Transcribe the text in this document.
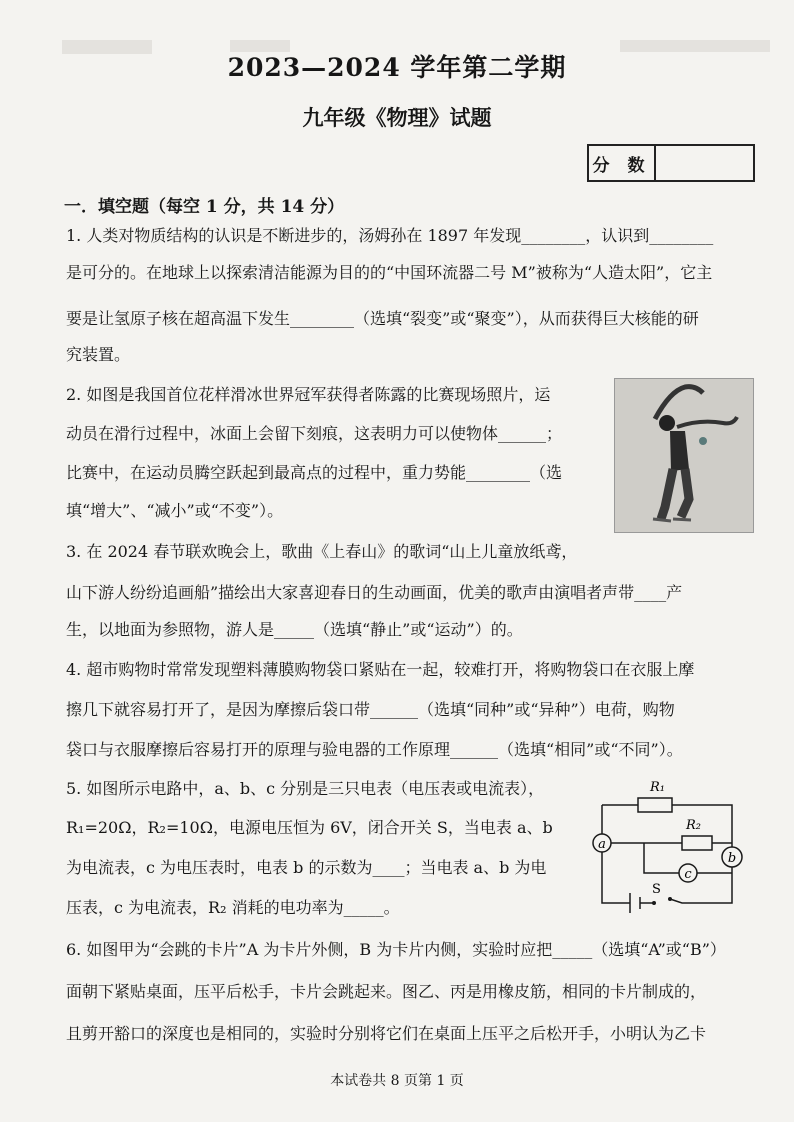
2023—2024 学年第二学期
九年级《物理》试题
分 数
一．填空题（每空 1 分，共 14 分）
1. 人类对物质结构的认识是不断进步的，汤姆孙在 1897 年发现________，认识到________
是可分的。在地球上以探索清洁能源为目的的“中国环流器二号 M”被称为“人造太阳”，它主
要是让氢原子核在超高温下发生________（选填“裂变”或“聚变”），从而获得巨大核能的研
究装置。
2. 如图是我国首位花样滑冰世界冠军获得者陈露的比赛现场照片，运
动员在滑行过程中，冰面上会留下刻痕，这表明力可以使物体______；
比赛中，在运动员腾空跃起到最高点的过程中，重力势能________（选
填“增大”、“减小”或“不变”）。
3. 在 2024 春节联欢晚会上，歌曲《上春山》的歌词“山上儿童放纸鸢，
山下游人纷纷追画船”描绘出大家喜迎春日的生动画面，优美的歌声由演唱者声带____产
生，以地面为参照物，游人是_____（选填“静止”或“运动”）的。
4. 超市购物时常常发现塑料薄膜购物袋口紧贴在一起，较难打开，将购物袋口在衣服上摩
擦几下就容易打开了，是因为摩擦后袋口带______（选填“同种”或“异种”）电荷，购物
袋口与衣服摩擦后容易打开的原理与验电器的工作原理______（选填“相同”或“不同”）。
5. 如图所示电路中，a、b、c 分别是三只电表（电压表或电流表），
R₁=20Ω，R₂=10Ω，电源电压恒为 6V，闭合开关 S，当电表 a、b
为电流表，c 为电压表时，电表 b 的示数为____；当电表 a、b 为电
压表，c 为电流表，R₂ 消耗的电功率为_____。
6. 如图甲为“会跳的卡片”A 为卡片外侧，B 为卡片内侧，实验时应把_____（选填“A”或“B”）
面朝下紧贴桌面，压平后松手，卡片会跳起来。图乙、丙是用橡皮筋，相同的卡片制成的，
且剪开豁口的深度也是相同的，实验时分别将它们在桌面上压平之后松开手，小明认为乙卡
a
b
c
R₁
R₂
S
本试卷共 8 页第 1 页
